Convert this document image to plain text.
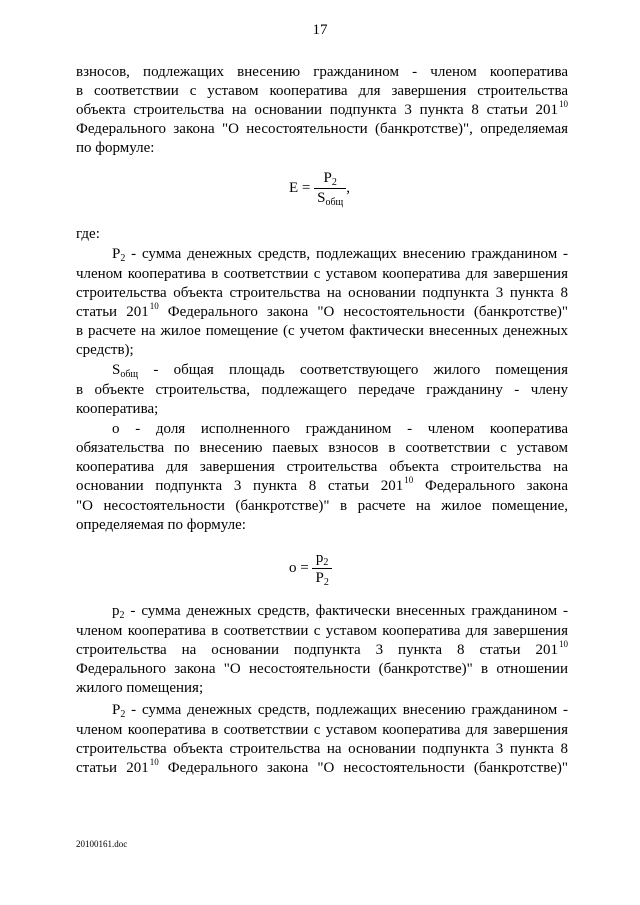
17
взносов, подлежащих внесению гражданином - членом кооператива
в соответствии с уставом кооператива для завершения строительства
объекта строительства на основании подпункта 3 пункта 8 статьи $201^{10}$
Федерального закона "О несостоятельности (банкротстве)", определяемая
по формуле:
$E = \frac{P_2}{S_{общ}}$ ,
где:
$P_2$ - сумма денежных средств, подлежащих внесению гражданином -
членом кооператива в соответствии с уставом кооператива для завершения
строительства объекта строительства на основании подпункта 3 пункта 8
статьи $201^{10}$ Федерального закона "О несостоятельности (банкротстве)"
в расчете на жилое помещение (с учетом фактически внесенных денежных
средств);
$S_{общ}$ - общая площадь соответствующего жилого помещения
в объекте строительства, подлежащего передаче гражданину - члену
кооператива;
о - доля исполненного гражданином - членом кооператива
обязательства по внесению паевых взносов в соответствии с уставом
кооператива для завершения строительства объекта строительства на
основании подпункта 3 пункта 8 статьи $201^{10}$ Федерального закона
"О несостоятельности (банкротстве)" в расчете на жилое помещение,
определяемая по формуле:
$о = \frac{p_2}{P_2}$
$p_2$ - сумма денежных средств, фактически внесенных гражданином -
членом кооператива в соответствии с уставом кооператива для завершения
строительства на основании подпункта 3 пункта 8 статьи $201^{10}$
Федерального закона "О несостоятельности (банкротстве)" в отношении
жилого помещения;
$P_2$ - сумма денежных средств, подлежащих внесению гражданином -
членом кооператива в соответствии с уставом кооператива для завершения
строительства объекта строительства на основании подпункта 3 пункта 8
статьи $201^{10}$ Федерального закона "О несостоятельности (банкротстве)"
20100161.doc
